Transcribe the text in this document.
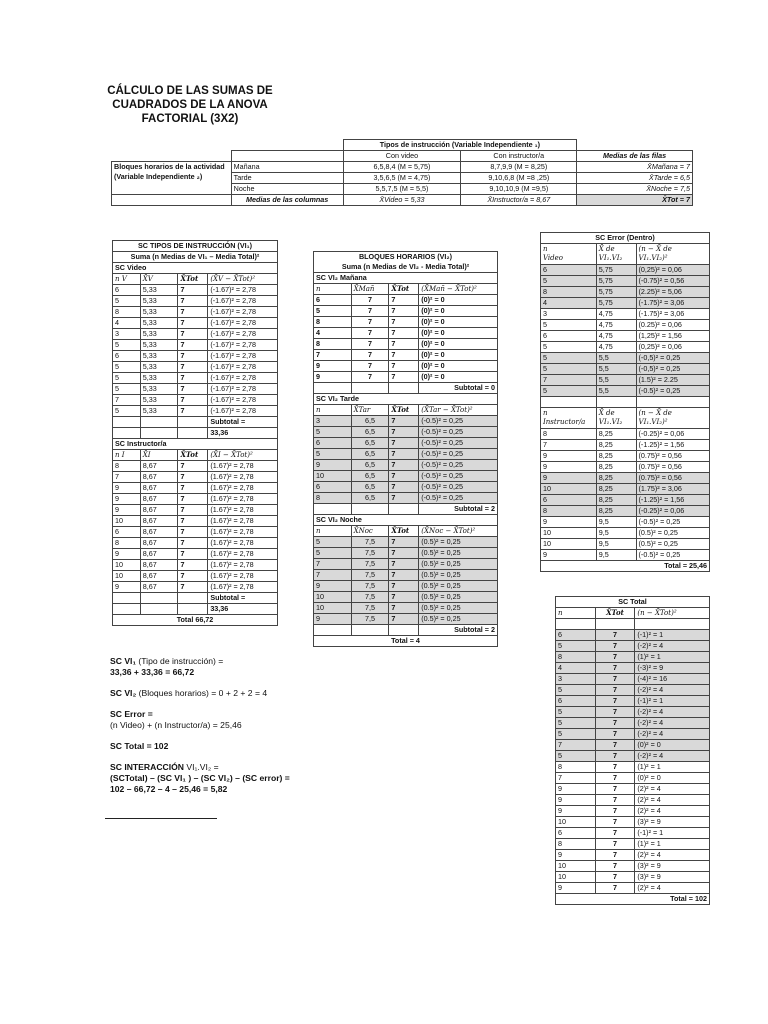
CÁLCULO DE LAS SUMAS DE
CUADRADOS DE LA ANOVA
FACTORIAL (3X2)
		Tipos de instrucción (Variable Independiente ₁)		
		Con video	Con instructor/a	Medias de las filas
Bloques horarios de la actividad (Variable Independiente ₂)	Mañana	6,5,8,4 (M = 5,75)	8,7,9,9 (M = 8,25)	X̄Mañana = 7
	Tarde	3,5,6,5 (M = 4,75)	9,10,6,8 (M =8 ,25)	X̄Tarde = 6,5
	Noche	5,5,7,5 (M = 5,5)	9,10,10,9 (M =9,5)	X̄Noche = 7,5
	Medias de las columnas	X̄Video = 5,33	X̄Instructor/a = 8,67	X̄Tot = 7
SC TIPOS DE INSTRUCCIÓN (VI₁)			
Suma (n Medias de VI₁ – Media Total)²			
SC Video			
n V	X̄V	X̄Tot	(X̄V − X̄Tot)²
6	5,33	7	(-1.67)² = 2,78
5	5,33	7	(-1.67)² = 2,78
8	5,33	7	(-1.67)² = 2,78
4	5,33	7	(-1.67)² = 2,78
3	5,33	7	(-1.67)² = 2,78
5	5,33	7	(-1.67)² = 2,78
6	5,33	7	(-1.67)² = 2,78
5	5,33	7	(-1.67)² = 2,78
5	5,33	7	(-1.67)² = 2,78
5	5,33	7	(-1.67)² = 2,78
7	5,33	7	(-1.67)² = 2,78
5	5,33	7	(-1.67)² = 2,78
			Subtotal =
			33,36
SC Instructor/a			
n I	X̄I	X̄Tot	(X̄I − X̄Tot)²
8	8,67	7	(1.67)² = 2,78
7	8,67	7	(1.67)² = 2,78
9	8,67	7	(1.67)² = 2,78
9	8,67	7	(1.67)² = 2,78
9	8,67	7	(1.67)² = 2,78
10	8,67	7	(1.67)² = 2,78
6	8,67	7	(1.67)² = 2,78
8	8,67	7	(1.67)² = 2,78
9	8,67	7	(1.67)² = 2,78
10	8,67	7	(1.67)² = 2,78
10	8,67	7	(1.67)² = 2,78
9	8,67	7	(1.67)² = 2,78
			Subtotal =
			33,36
Total 66,72			
BLOQUES HORARIOS (VI₂)			
Suma (n Medias de VI₂ - Media Total)²			
SC VI₂ Mañana			
n	X̄Mañ	X̄Tot	(X̄Mañ − X̄Tot)²
6	7	7	(0)² = 0
5	7	7	(0)² = 0
8	7	7	(0)² = 0
4	7	7	(0)² = 0
8	7	7	(0)² = 0
7	7	7	(0)² = 0
9	7	7	(0)² = 0
9	7	7	(0)² = 0
			Subtotal = 0
SC VI₂ Tarde			
n	X̄Tar	X̄Tot	(X̄Tar − X̄Tot)²
3	6,5	7	(-0.5)² = 0,25
5	6,5	7	(-0.5)² = 0,25
6	6,5	7	(-0.5)² = 0,25
5	6,5	7	(-0.5)² = 0,25
9	6,5	7	(-0.5)² = 0,25
10	6,5	7	(-0.5)² = 0,25
6	6,5	7	(-0.5)² = 0,25
8	6,5	7	(-0.5)² = 0,25
			Subtotal = 2
SC VI₂ Noche			
n	X̄Noc	X̄Tot	(X̄Noc − X̄Tot)²
5	7,5	7	(0.5)² = 0,25
5	7,5	7	(0.5)² = 0,25
7	7,5	7	(0.5)² = 0,25
7	7,5	7	(0.5)² = 0,25
9	7,5	7	(0.5)² = 0,25
10	7,5	7	(0.5)² = 0,25
10	7,5	7	(0.5)² = 0,25
9	7,5	7	(0.5)² = 0,25
			Subtotal = 2
Total = 4			
SC Error (Dentro)		
n
Video	X̄ de
VI₁.VI₂	(n − X̄ de
VI₁.VI₂)²
6	5,75	(0,25)² = 0,06
5	5,75	(-0.75)² = 0,56
8	5,75	(2.25)² = 5,06
4	5,75	(-1.75)² = 3,06
3	4,75	(-1.75)² = 3,06
5	4,75	(0.25)² = 0,06
6	4,75	(1,25)² = 1,56
5	4,75	(0,25)² = 0,06
5	5,5	(-0,5)² = 0,25
5	5,5	(-0,5)² = 0,25
7	5,5	(1.5)² = 2.25
5	5,5	(-0.5)² = 0,25

n
Instructor/a	X̄ de
VI₁.VI₂	(n − X̄ de
VI₁.VI₂)²
8	8,25	(-0.25)² = 0,06
7	8,25	(-1.25)² = 1,56
9	8,25	(0.75)² = 0,56
9	8,25	(0.75)² = 0,56
9	8,25	(0.75)² = 0,56
10	8,25	(1.75)² = 3,06
6	8,25	(-1.25)² = 1,56
8	8,25	(-0.25)² = 0,06
9	9,5	(-0.5)² = 0,25
10	9,5	(0.5)² = 0,25
10	9,5	(0.5)² = 0,25
9	9,5	(-0.5)² = 0,25
Total = 25,46		
SC Total		
n	X̄Tot	(n − X̄Tot)²

6	7	(-1)² = 1
5	7	(-2)² = 4
8	7	(1)² = 1
4	7	(-3)² = 9
3	7	(-4)² = 16
5	7	(-2)² = 4
6	7	(-1)² = 1
5	7	(-2)² = 4
5	7	(-2)² = 4
5	7	(-2)² = 4
7	7	(0)² = 0
5	7	(-2)² = 4
8	7	(1)² = 1
7	7	(0)² = 0
9	7	(2)² = 4
9	7	(2)² = 4
9	7	(2)² = 4
10	7	(3)² = 9
6	7	(-1)² = 1
8	7	(1)² = 1
9	7	(2)² = 4
10	7	(3)² = 9
10	7	(3)² = 9
9	7	(2)² = 4
Total = 102		

SC VI₁ (Tipo de instrucción) =
33,36 + 33,36 = 66,72

SC VI₂ (Bloques horarios) = 0 + 2 + 2 = 4

SC Error =
(n Video) + (n Instructor/a) = 25,46

SC Total = 102

SC INTERACCIÓN VI₁.VI₂ =
(SCTotal) – (SC VI₁ ) – (SC VI₂) – (SC error) =
102 – 66,72 – 4 – 25,46 = 5,82
